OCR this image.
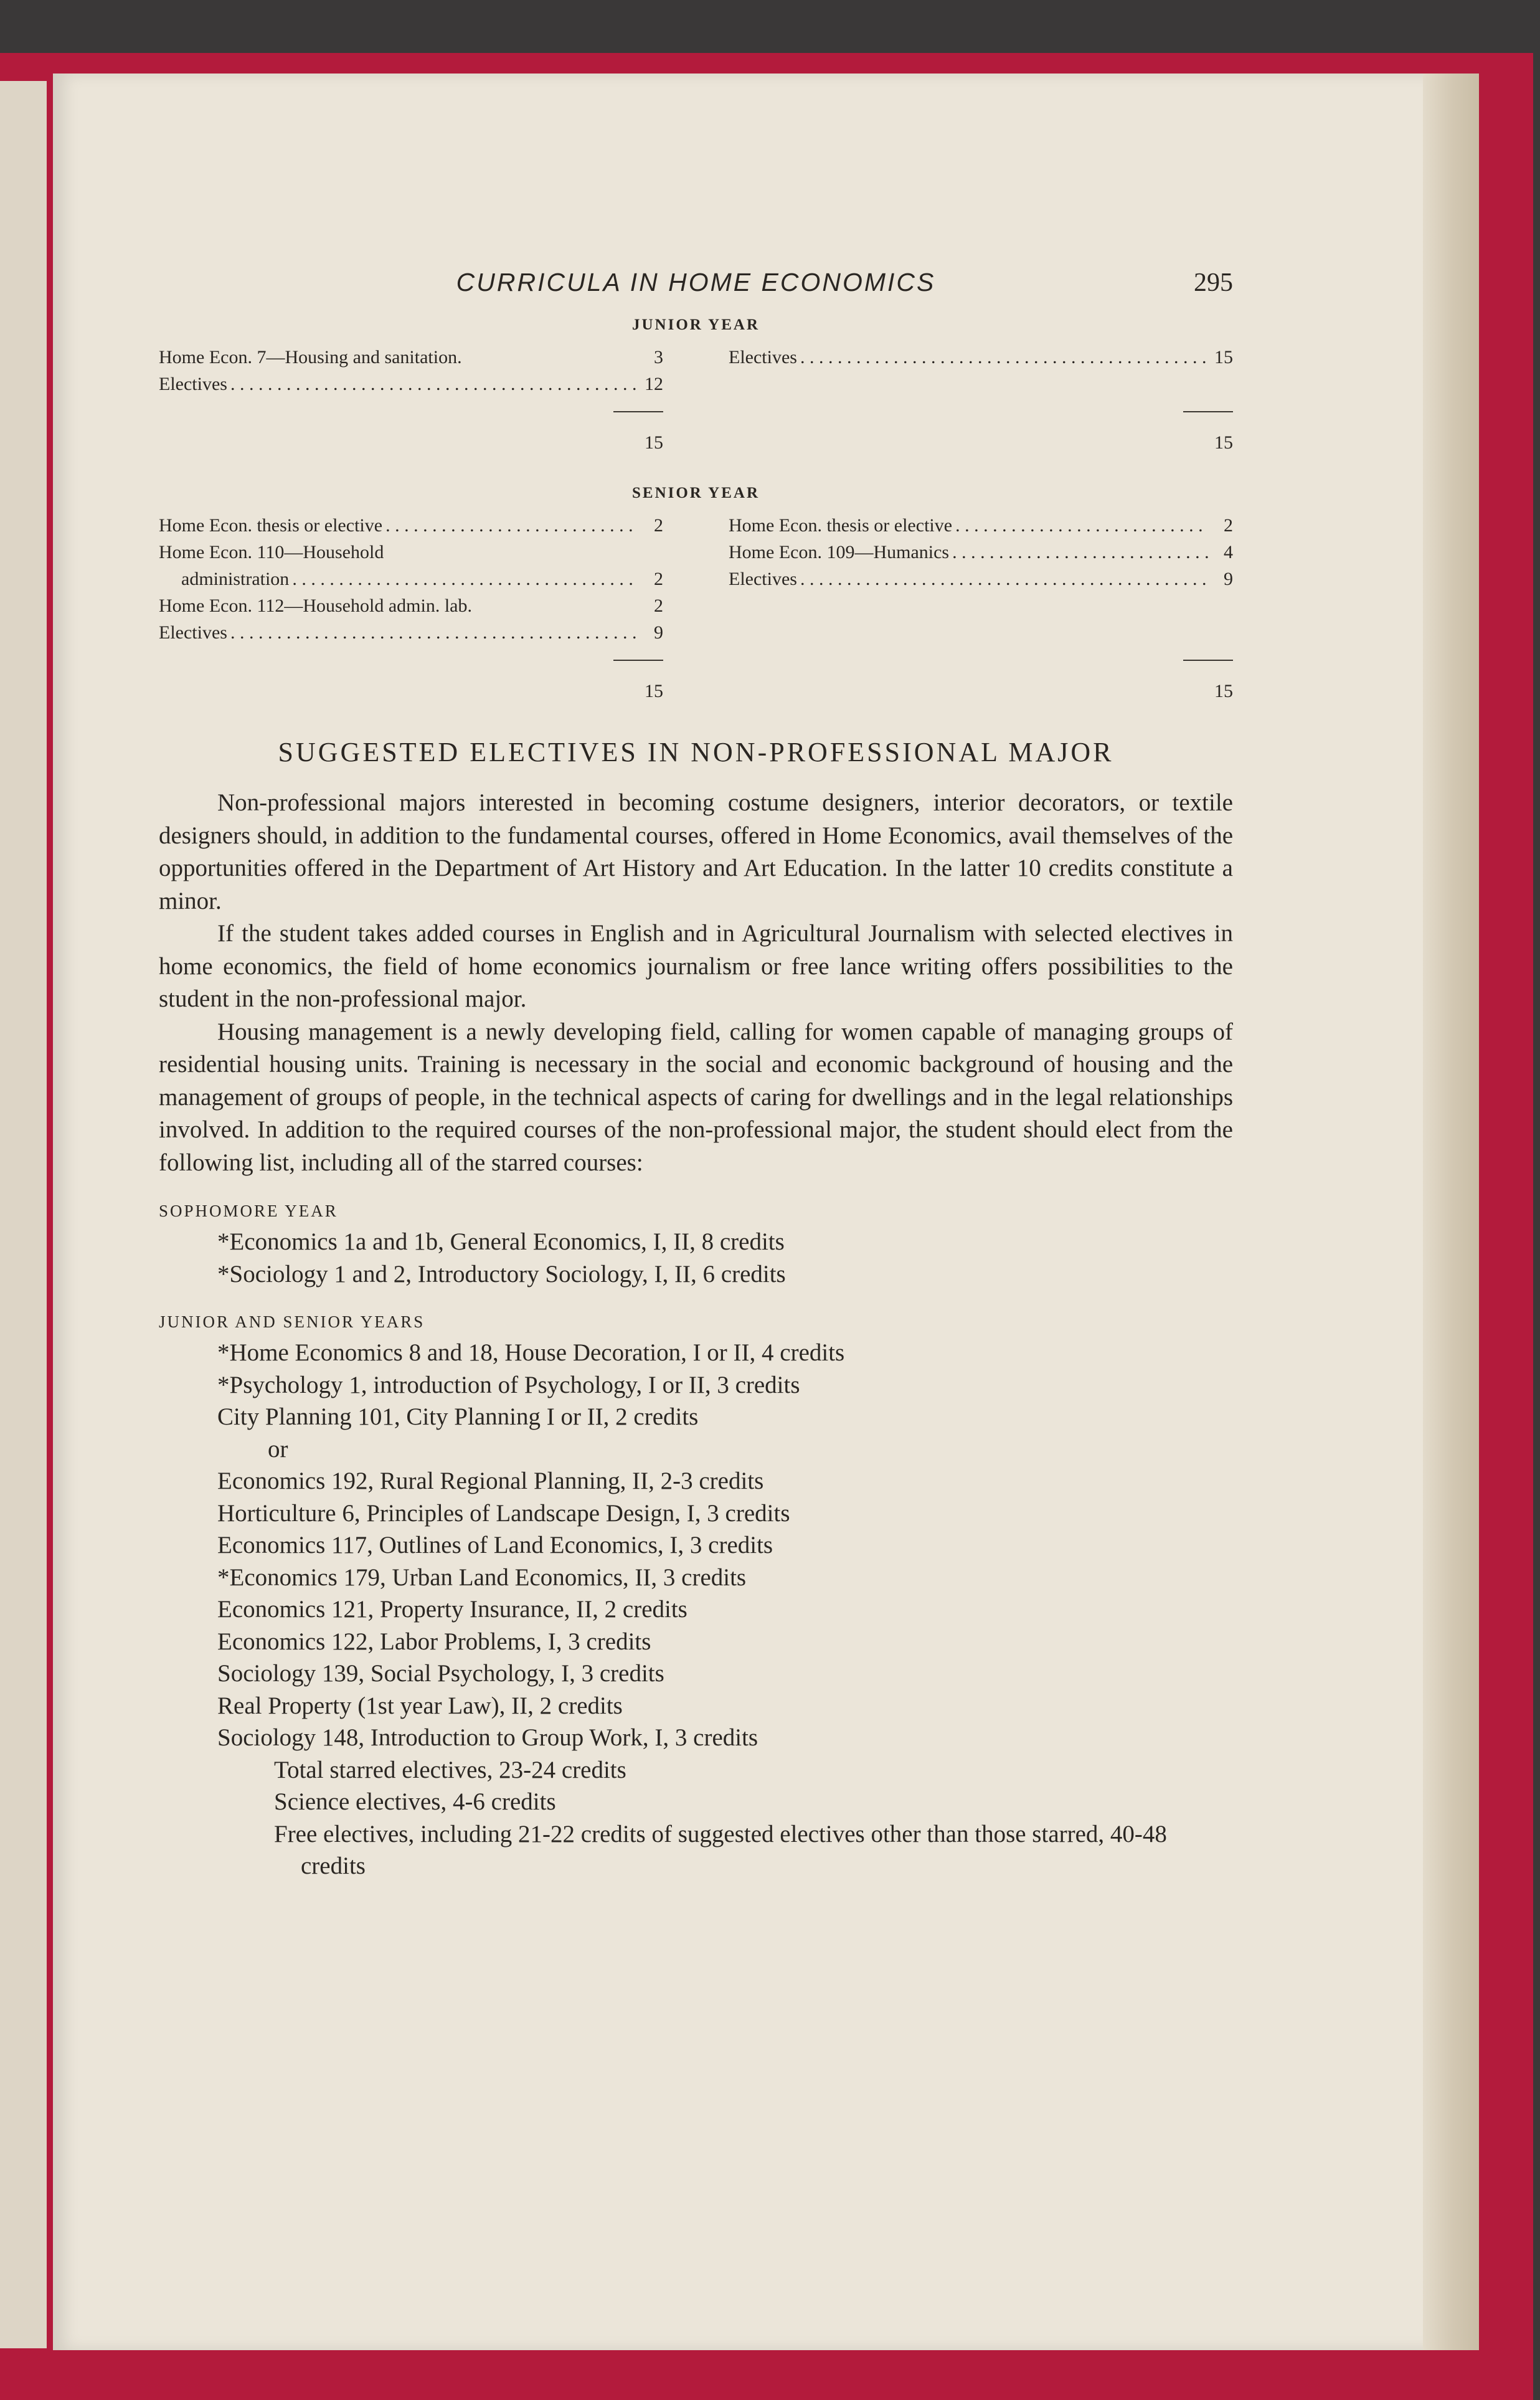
CURRICULA IN HOME ECONOMICS	295
JUNIOR YEAR
Home Econ. 7—Housing and sanitation.	3
Electives . . .	12
15
Electives . . .	15
15
SENIOR YEAR
Home Econ. thesis or elective . . .	2
Home Econ. 110—Household
administration . . .	2
Home Econ. 112—Household admin. lab.	2
Electives . . .	9
15
Home Econ. thesis or elective . . .	2
Home Econ. 109—Humanics . . .	4
Electives . . .	9
15
SUGGESTED ELECTIVES IN NON-PROFESSIONAL MAJOR

Non-professional majors interested in becoming costume designers, interior decorators, or textile designers should, in addition to the fundamental courses, offered in Home Economics, avail themselves of the opportunities offered in the Department of Art History and Art Education. In the latter 10 credits constitute a minor.

If the student takes added courses in English and in Agricultural Journalism with selected electives in home economics, the field of home economics journalism or free lance writing offers possibilities to the student in the non-professional major.

Housing management is a newly developing field, calling for women capable of managing groups of residential housing units. Training is necessary in the social and economic background of housing and the management of groups of people, in the technical aspects of caring for dwellings and in the legal relationships involved. In addition to the required courses of the non-professional major, the student should elect from the following list, including all of the starred courses:

SOPHOMORE YEAR
*Economics 1a and 1b, General Economics, I, II, 8 credits
*Sociology 1 and 2, Introductory Sociology, I, II, 6 credits
JUNIOR AND SENIOR YEARS
*Home Economics 8 and 18, House Decoration, I or II, 4 credits
*Psychology 1, introduction of Psychology, I or II, 3 credits
City Planning 101, City Planning I or II, 2 credits
or
Economics 192, Rural Regional Planning, II, 2-3 credits
Horticulture 6, Principles of Landscape Design, I, 3 credits
Economics 117, Outlines of Land Economics, I, 3 credits
*Economics 179, Urban Land Economics, II, 3 credits
Economics 121, Property Insurance, II, 2 credits
Economics 122, Labor Problems, I, 3 credits
Sociology 139, Social Psychology, I, 3 credits
Real Property (1st year Law), II, 2 credits
Sociology 148, Introduction to Group Work, I, 3 credits
Total starred electives, 23-24 credits
Science electives, 4-6 credits
Free electives, including 21-22 credits of suggested electives other than those starred, 40-48 credits
